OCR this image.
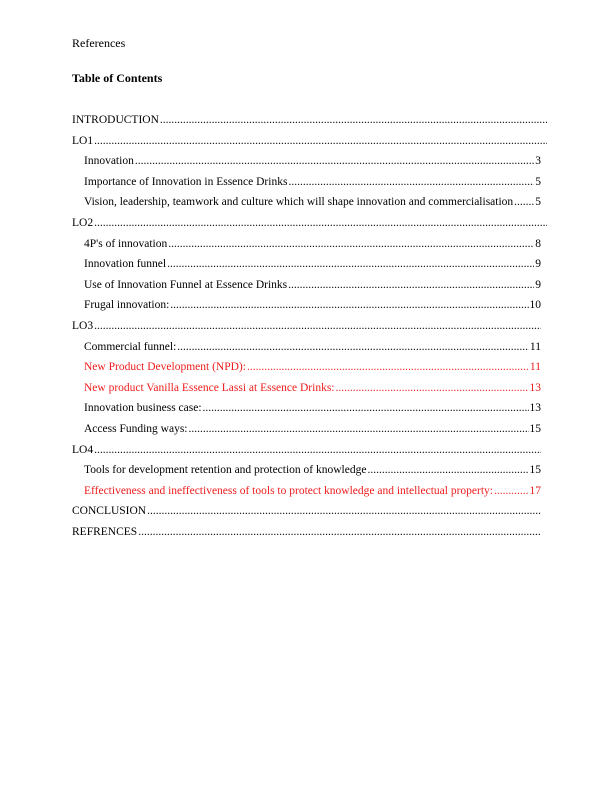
References
Table of Contents
INTRODUCTION
.....
LO1
.....
Innovation .....	3
Importance of Innovation in Essence Drinks .....	5
Vision, leadership, teamwork and culture which will shape innovation and commercialisation ..... 5
LO2
.....
4P's of innovation .....	8
Innovation funnel .....	9
Use of Innovation Funnel at Essence Drinks .....	9
Frugal innovation: .....	10
LO3
.....
Commercial funnel: .....	11
New Product Development (NPD): .....	11
New product Vanilla Essence Lassi at Essence Drinks: .....	13
Innovation business case: .....	13
Access Funding ways: .....	15
LO4
.....
Tools for development retention and protection of knowledge .....	15
Effectiveness and ineffectiveness of tools to protect knowledge and intellectual property: .....	17
CONCLUSION
.....
REFRENCES
.....
